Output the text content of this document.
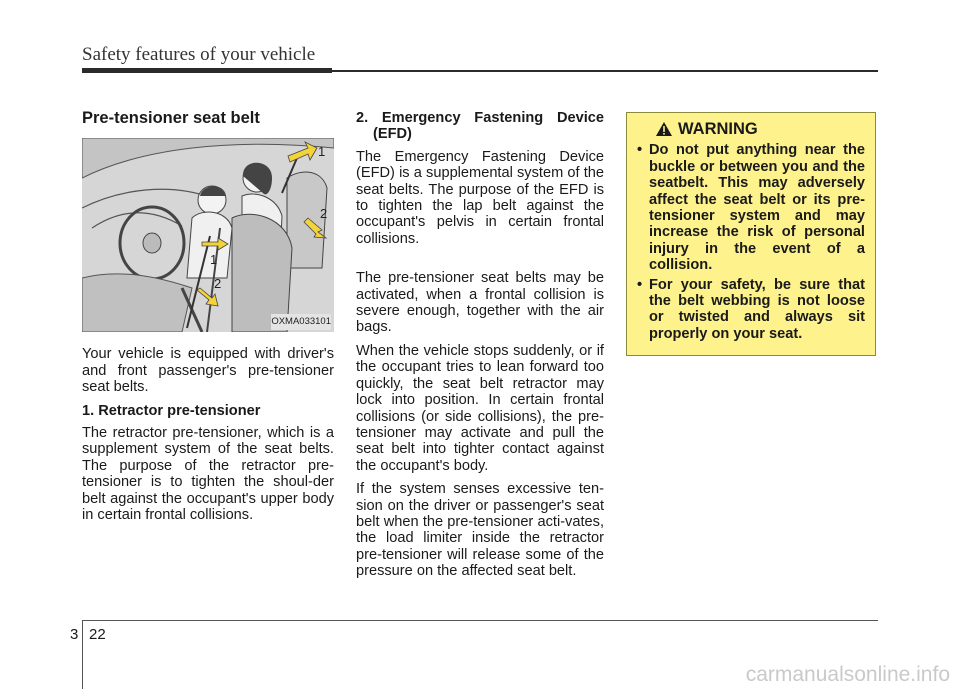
Safety features of your vehicle
Pre-tensioner seat belt
1
2
1
2
OXMA033101

Your vehicle is equipped with driver's and front passenger's pre-tensioner seat belts.

1. Retractor pre-tensioner

The retractor pre-tensioner, which is a supplement system of the seat belts. The purpose of the retractor pre-tensioner is to tighten the shoul-der belt against the occupant's upper body in certain frontal collisions.

2. Emergency Fastening Device (EFD)

The Emergency Fastening Device (EFD) is a supplemental system of the seat belts. The purpose of the EFD is to tighten the lap belt against the occupant's pelvis in certain frontal collisions.

The pre-tensioner seat belts may be activated, when a frontal collision is severe enough, together with the air bags.

When the vehicle stops suddenly, or if the occupant tries to lean forward too quickly, the seat belt retractor may lock into position. In certain frontal collisions (or side collisions), the pre-tensioner may activate and pull the seat belt into tighter contact against the occupant's body.

If the system senses excessive ten-sion on the driver or passenger's seat belt when the pre-tensioner acti-vates, the load limiter inside the retractor pre-tensioner will release some of the pressure on the affected seat belt.

WARNING
• Do not put anything near the buckle or between you and the seatbelt. This may adversely affect the seat belt or its pre-tensioner system and may increase the risk of personal injury in the event of a collision.
• For your safety, be sure that the belt webbing is not loose or twisted and always sit properly on your seat.
3 22
carmanualsonline.info
